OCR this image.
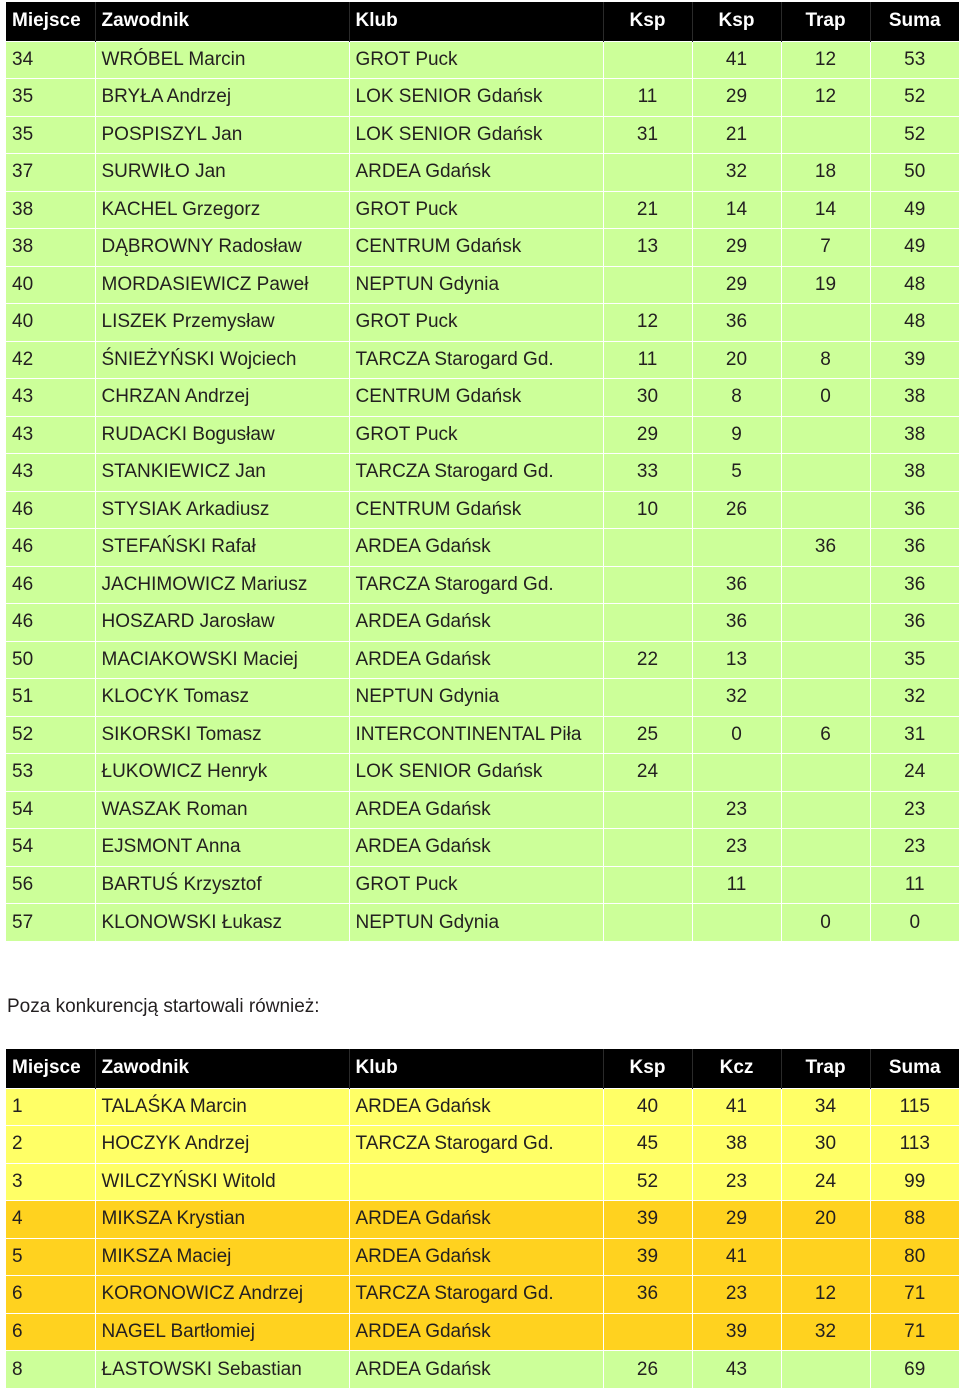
Miejsce	Zawodnik	Klub	Ksp	Ksp	Trap	Suma
34	WRÓBEL Marcin	GROT Puck		41	12	53
35	BRYŁA Andrzej	LOK SENIOR Gdańsk	11	29	12	52
35	POSPISZYL Jan	LOK SENIOR Gdańsk	31	21		52
37	SURWIŁO Jan	ARDEA Gdańsk		32	18	50
38	KACHEL Grzegorz	GROT Puck	21	14	14	49
38	DĄBROWNY Radosław	CENTRUM Gdańsk	13	29	7	49
40	MORDASIEWICZ Paweł	NEPTUN Gdynia		29	19	48
40	LISZEK Przemysław	GROT Puck	12	36		48
42	ŚNIEŻYŃSKI Wojciech	TARCZA Starogard Gd.	11	20	8	39
43	CHRZAN Andrzej	CENTRUM Gdańsk	30	8	0	38
43	RUDACKI Bogusław	GROT Puck	29	9		38
43	STANKIEWICZ Jan	TARCZA Starogard Gd.	33	5		38
46	STYSIAK Arkadiusz	CENTRUM Gdańsk	10	26		36
46	STEFAŃSKI Rafał	ARDEA Gdańsk			36	36
46	JACHIMOWICZ Mariusz	TARCZA Starogard Gd.		36		36
46	HOSZARD Jarosław	ARDEA Gdańsk		36		36
50	MACIAKOWSKI Maciej	ARDEA Gdańsk	22	13		35
51	KLOCYK Tomasz	NEPTUN Gdynia		32		32
52	SIKORSKI Tomasz	INTERCONTINENTAL Piła	25	0	6	31
53	ŁUKOWICZ Henryk	LOK SENIOR Gdańsk	24			24
54	WASZAK Roman	ARDEA Gdańsk		23		23
54	EJSMONT Anna	ARDEA Gdańsk		23		23
56	BARTUŚ Krzysztof	GROT Puck		11		11
57	KLONOWSKI Łukasz	NEPTUN Gdynia			0	0

Poza konkurencją startowali również:

Miejsce	Zawodnik	Klub	Ksp	Kcz	Trap	Suma
1	TALAŚKA Marcin	ARDEA Gdańsk	40	41	34	115
2	HOCZYK Andrzej	TARCZA Starogard Gd.	45	38	30	113
3	WILCZYŃSKI Witold		52	23	24	99
4	MIKSZA Krystian	ARDEA Gdańsk	39	29	20	88
5	MIKSZA Maciej	ARDEA Gdańsk	39	41		80
6	KORONOWICZ Andrzej	TARCZA Starogard Gd.	36	23	12	71
6	NAGEL Bartłomiej	ARDEA Gdańsk		39	32	71
8	ŁASTOWSKI Sebastian	ARDEA Gdańsk	26	43		69
